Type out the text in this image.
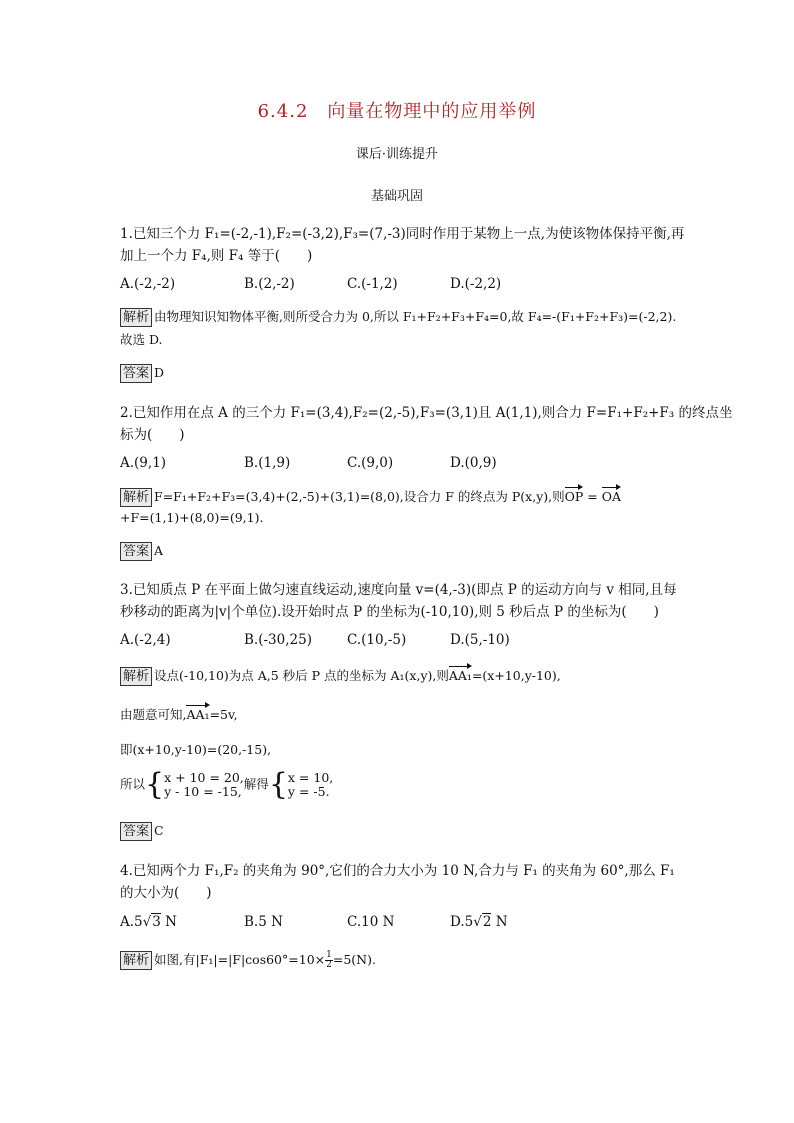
6.4.2　向量在物理中的应用举例
课后·训练提升
基础巩固
1.已知三个力 F₁=(-2,-1),F₂=(-3,2),F₃=(7,-3)同时作用于某物上一点,为使该物体保持平衡,再
加上一个力 F₄,则 F₄ 等于(　　)
A.(-2,-2)	B.(2,-2)	C.(-1,2)	D.(-2,2)
解析 由物理知识知物体平衡,则所受合力为 0,所以 F₁+F₂+F₃+F₄=0,故 F₄=-(F₁+F₂+F₃)=(-2,2).
故选 D.
答案 D
2.已知作用在点 A 的三个力 F₁=(3,4),F₂=(2,-5),F₃=(3,1)且 A(1,1),则合力 F=F₁+F₂+F₃ 的终点坐
标为(　　)
A.(9,1)	B.(1,9)	C.(9,0)	D.(0,9)
解析 F=F₁+F₂+F₃=(3,4)+(2,-5)+(3,1)=(8,0),设合力 F 的终点为 P(x,y),则OP = OA
+F=(1,1)+(8,0)=(9,1).
答案 A
3.已知质点 P 在平面上做匀速直线运动,速度向量 v=(4,-3)(即点 P 的运动方向与 v 相同,且每
秒移动的距离为|v|个单位).设开始时点 P 的坐标为(-10,10),则 5 秒后点 P 的坐标为(　　)
A.(-2,4)	B.(-30,25)	C.(10,-5)	D.(5,-10)
解析 设点(-10,10)为点 A,5 秒后 P 点的坐标为 A₁(x,y),则AA₁=(x+10,y-10),
由题意可知,AA₁=5v,
即(x+10,y-10)=(20,-15),
所以{ x + 10 = 20,
y - 10 = -15, 解得{ x = 10,
y = -5.
答案 C
4.已知两个力 F₁,F₂ 的夹角为 90°,它们的合力大小为 10 N,合力与 F₁ 的夹角为 60°,那么 F₁
的大小为(　　)
A.5√3 N	B.5 N	C.10 N	D.5√2 N
解析 如图,有$|F_1|=|F|\cos 60^\circ=10\times \frac{1}{2} =5(N)$.
